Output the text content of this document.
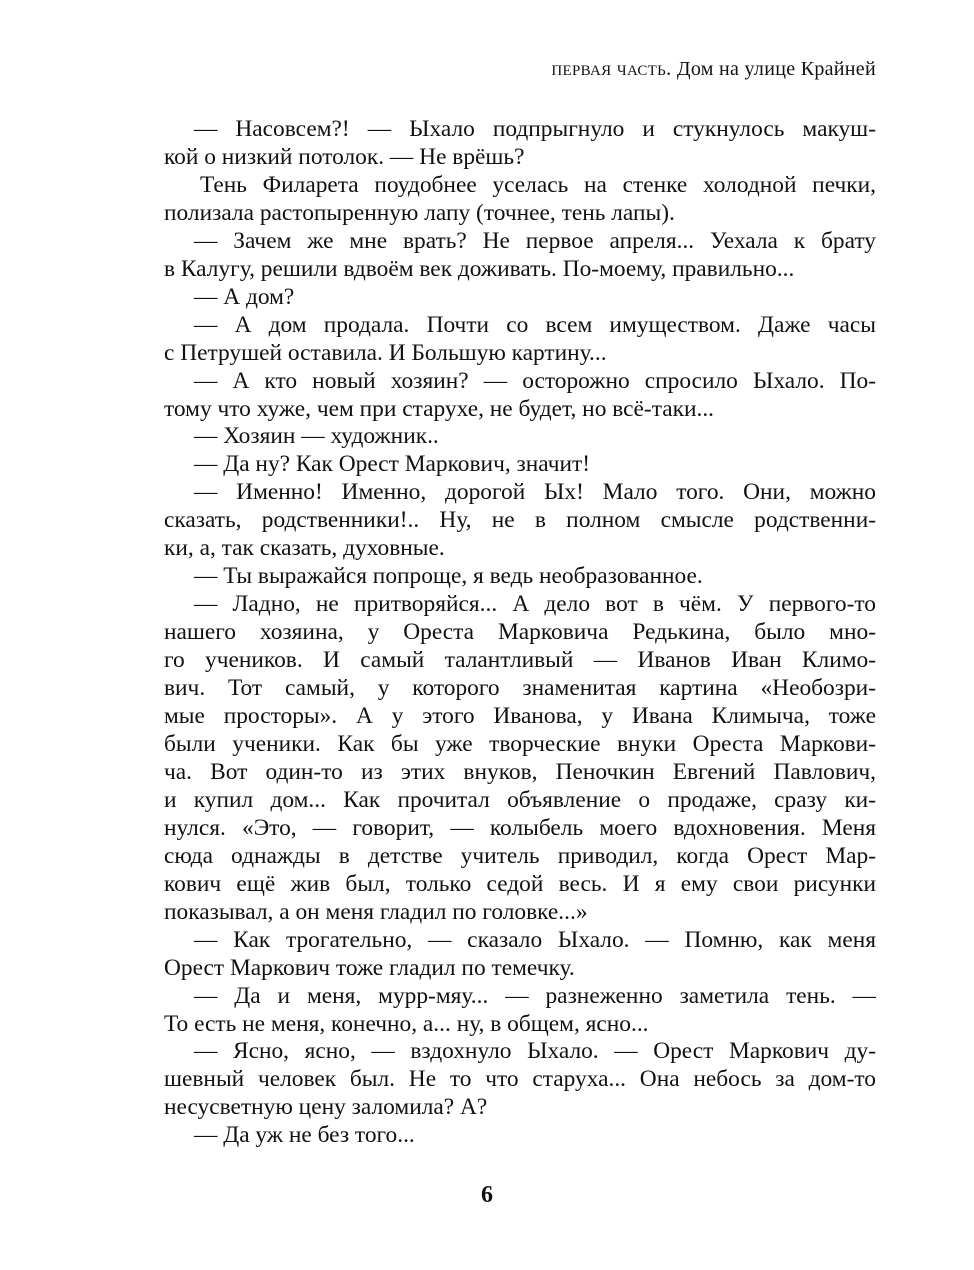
первая часть. Дом на улице Крайней
— Насовсем?! — Ыхало подпрыгнуло и стукнулось макуш-
кой о низкий потолок. — Не врёшь?
Тень Филарета поудобнее уселась на стенке холодной печки,
полизала растопыренную лапу (точнее, тень лапы).
— Зачем же мне врать? Не первое апреля... Уехала к брату
в Калугу, решили вдвоём век доживать. По-моему, правильно...
— А дом?
— А дом продала. Почти со всем имуществом. Даже часы
с Петрушей оставила. И Большую картину...
— А кто новый хозяин? — осторожно спросило Ыхало. По-
тому что хуже, чем при старухе, не будет, но всё-таки...
— Хозяин — художник..
— Да ну? Как Орест Маркович, значит!
— Именно! Именно, дорогой Ых! Мало того. Они, можно
сказать, родственники!.. Ну, не в полном смысле родственни-
ки, а, так сказать, духовные.
— Ты выражайся попроще, я ведь необразованное.
— Ладно, не притворяйся... А дело вот в чём. У первого-то
нашего хозяина, у Ореста Марковича Редькина, было мно-
го учеников. И самый талантливый — Иванов Иван Климо-
вич. Тот самый, у которого знаменитая картина «Необозри-
мые просторы». А у этого Иванова, у Ивана Климыча, тоже
были ученики. Как бы уже творческие внуки Ореста Маркови-
ча. Вот один-то из этих внуков, Пеночкин Евгений Павлович,
и купил дом... Как прочитал объявление о продаже, сразу ки-
нулся. «Это, — говорит, — колыбель моего вдохновения. Меня
сюда однажды в детстве учитель приводил, когда Орест Мар-
кович ещё жив был, только седой весь. И я ему свои рисунки
показывал, а он меня гладил по головке...»
— Как трогательно, — сказало Ыхало. — Помню, как меня
Орест Маркович тоже гладил по темечку.
— Да и меня, мурр-мяу... — разнеженно заметила тень. —
То есть не меня, конечно, а... ну, в общем, ясно...
— Ясно, ясно, — вздохнуло Ыхало. — Орест Маркович ду-
шевный человек был. Не то что старуха... Она небось за дом-то
несусветную цену заломила? А?
— Да уж не без того...
6
